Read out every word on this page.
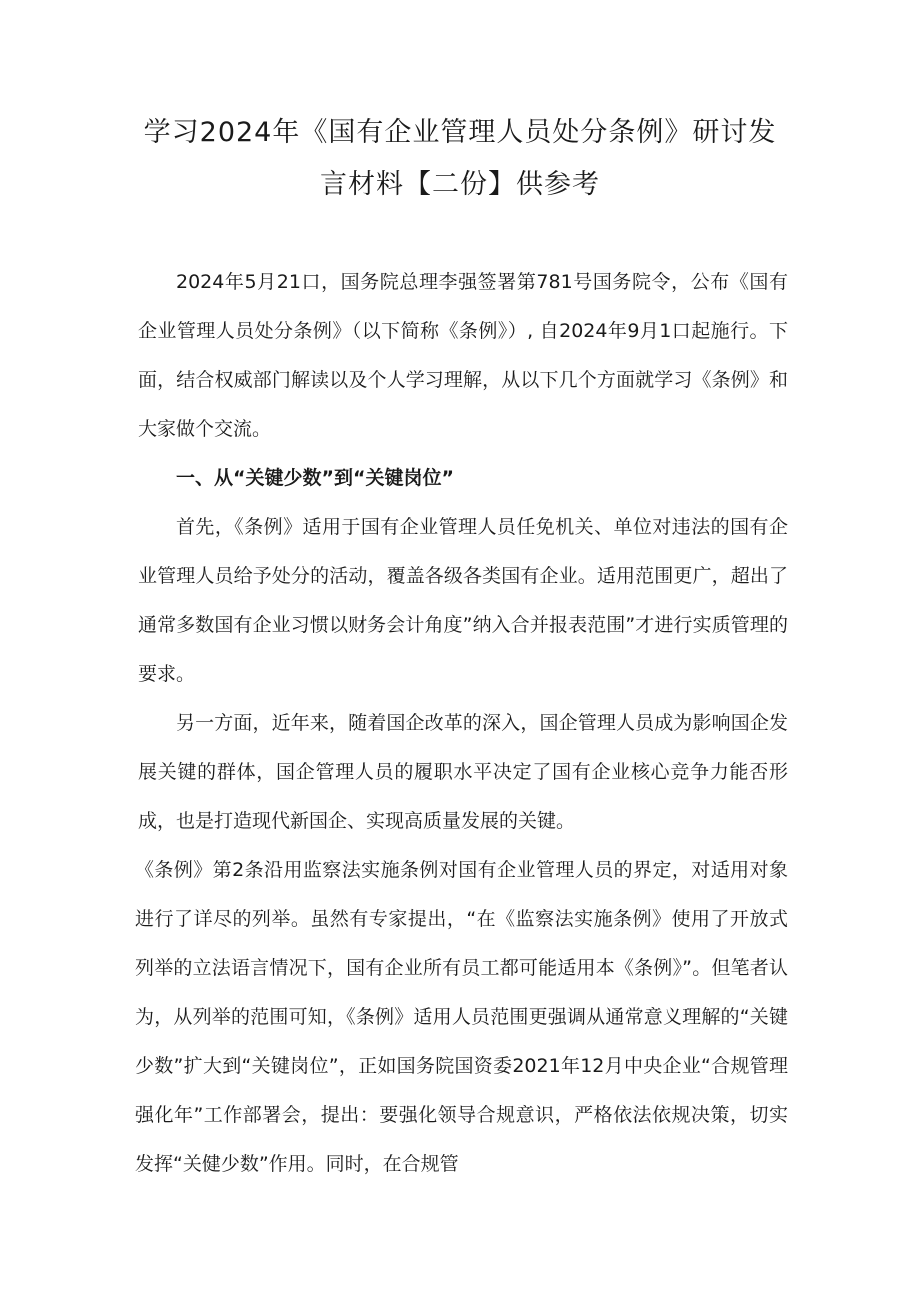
学习2024年《国有企业管理人员处分条例》研讨发
言材料【二份】供参考

2024年5月21口，国务院总理李强签署第781号国务院令，公布《国有企业管理人员处分条例》（以下简称《条例》）, 自2024年9月1口起施行。下面，结合权威部门解读以及个人学习理解，从以下几个方面就学习《条例》和大家做个交流。

一、从“关键少数”到“关键岗位”

首先，《条例》适用于国有企业管理人员任免机关、单位对违法的国有企业管理人员给予处分的活动，覆盖各级各类国有企业。适用范围更广，超出了通常多数国有企业习惯以财务会计角度”纳入合并报表范围”才进行实质管理的要求。

另一方面，近年来，随着国企改革的深入，国企管理人员成为影响国企发展关键的群体，国企管理人员的履职水平决定了国有企业核心竞争力能否形成，也是打造现代新国企、实现高质量发展的关键。

《条例》第2条沿用监察法实施条例对国有企业管理人员的界定，对适用对象进行了详尽的列举。虽然有专家提出，“在《监察法实施条例》使用了开放式列举的立法语言情况下，国有企业所有员工都可能适用本《条例》”。但笔者认为，从列举的范围可知，《条例》适用人员范围更强调从通常意义理解的“关键少数”扩大到“关键岗位”，正如国务院国资委2021年12月中央企业“合规管理强化年”工作部署会，提出：要强化领导合规意识，严格依法依规决策，切实发挥“关健少数”作用。同时，在合规管
